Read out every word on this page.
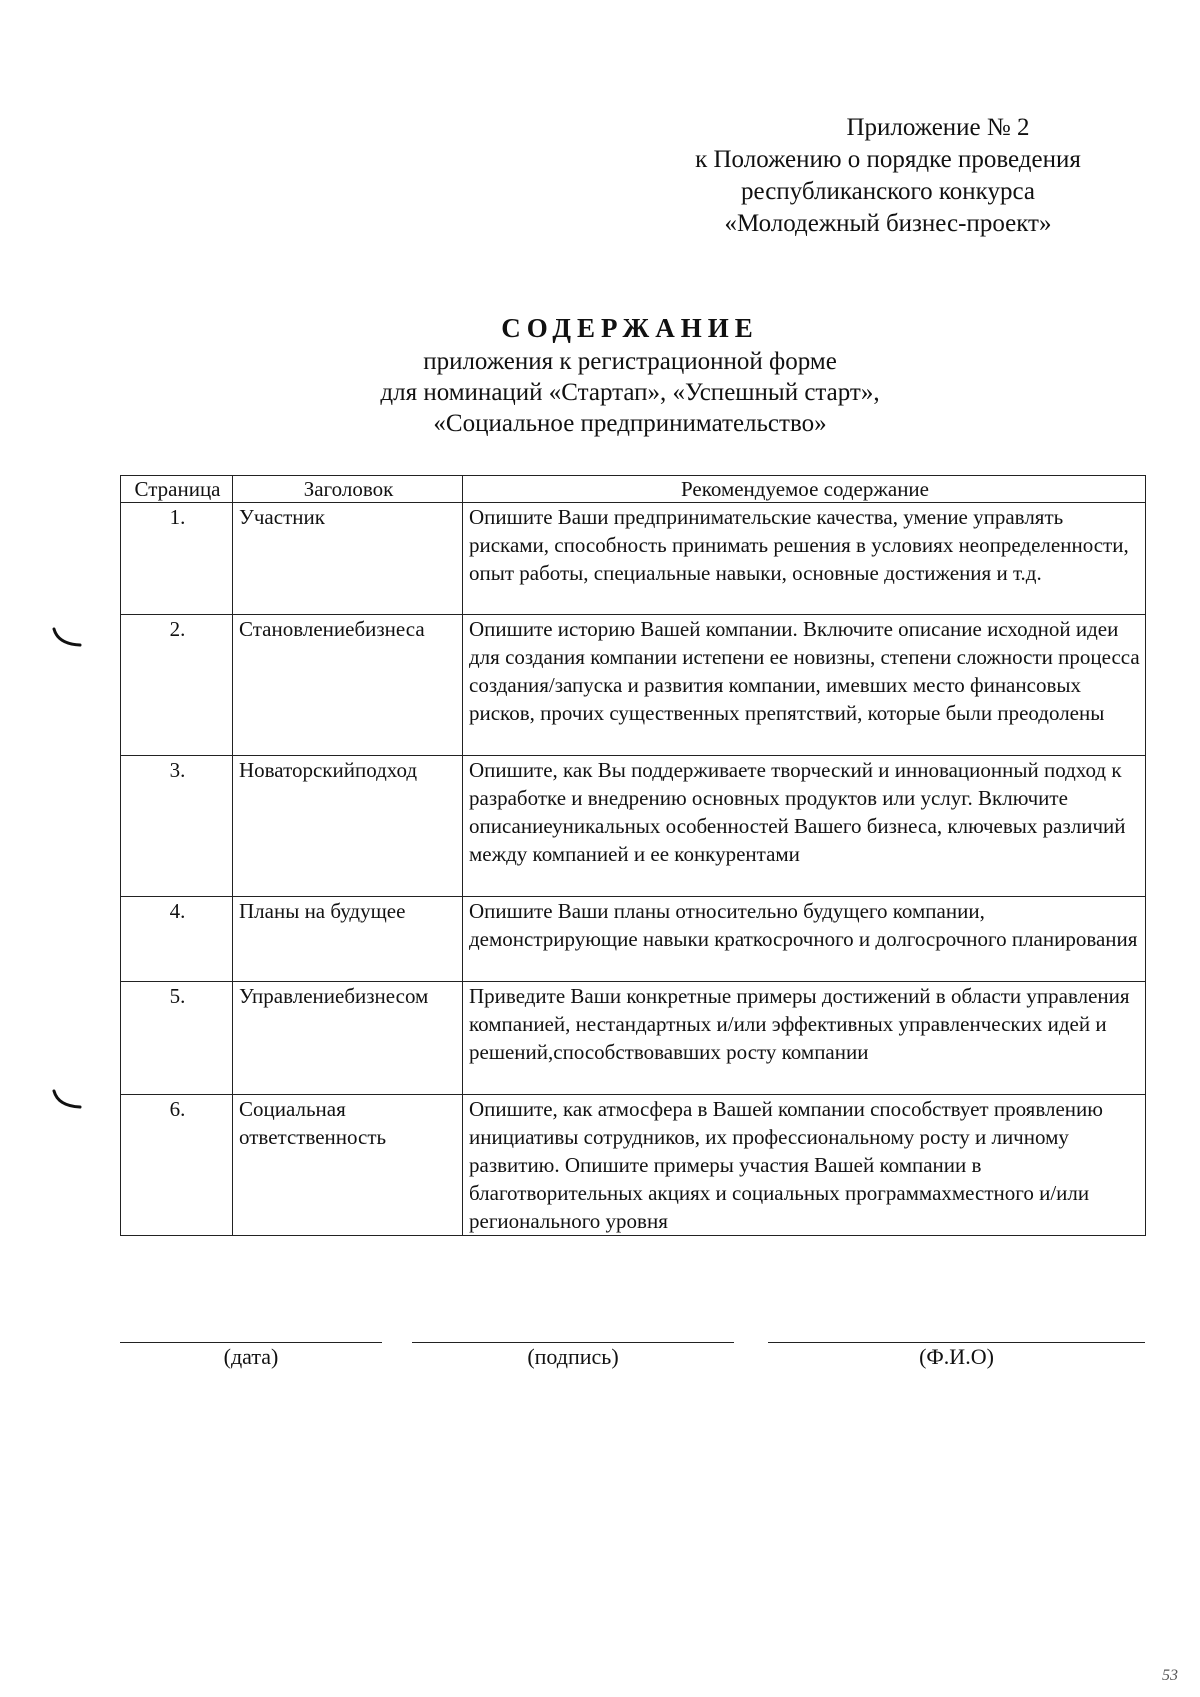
Приложение № 2
к Положению о порядке проведения
республиканского конкурса
«Молодежный бизнес-проект»
СОДЕРЖАНИЕ
приложения к регистрационной форме
для номинаций «Стартап», «Успешный старт»,
«Социальное предпринимательство»
Страница	Заголовок	Рекомендуемое содержание
1.	Участник	Опишите Ваши предпринимательские качества, умение управлять рисками, способность принимать решения в условиях неопределенности, опыт работы, специальные навыки, основные достижения и т.д.
2.	Становлениебизнеса	Опишите историю Вашей компании. Включите описание исходной идеи для создания компании истепени ее новизны, степени сложности процесса создания/запуска и развития компании, имевших место финансовых рисков, прочих существенных препятствий, которые были преодолены
3.	Новаторскийподход	Опишите, как Вы поддерживаете творческий и инновационный подход к разработке и внедрению основных продуктов или услуг. Включите описаниеуникальных особенностей Вашего бизнеса, ключевых различий между компанией и ее конкурентами
4.	Планы на будущее	Опишите Ваши планы относительно будущего компании, демонстрирующие навыки краткосрочного и долгосрочного планирования
5.	Управлениебизнесом	Приведите Ваши конкретные примеры достижений в области управления компанией, нестандартных и/или эффективных управленческих идей и решений,способствовавших росту компании
6.	Социальная ответственность	Опишите, как атмосфера в Вашей компании способствует проявлению инициативы сотрудников, их профессиональному росту и личному развитию. Опишите примеры участия Вашей компании в благотворительных акциях и социальных программахместного и/или регионального уровня
(дата)	(подпись)	(Ф.И.О)
53
